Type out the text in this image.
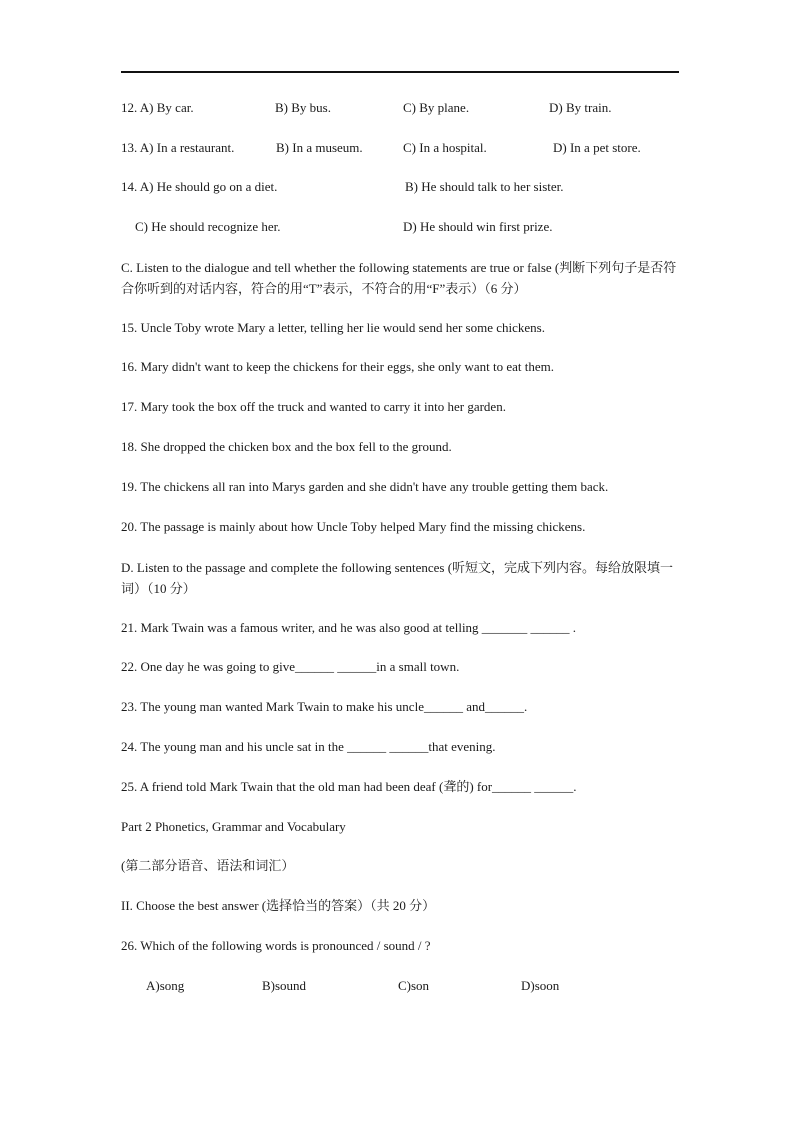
12. A) By car.	B) By bus.	C) By plane.	D) By train.
13. A) In a restaurant.	B) In a museum.	C) In a hospital.	D) In a pet store.
14. A) He should go on a diet.	B) He should talk to her sister.
C) He should recognize her.	D) He should win first prize.
C. Listen to the dialogue and tell whether the following statements are true or false (判断下列句子是否符合你听到的对话内容，符合的用“T”表示，不符合的用“F”表示）（6 分）
15. Uncle Toby wrote Mary a letter, telling her lie would send her some chickens.
16. Mary didn't want to keep the chickens for their eggs, she only want to eat them.
17. Mary took the box off the truck and wanted to carry it into her garden.
18. She dropped the chicken box and the box fell to the ground.
19. The chickens all ran into Marys garden and she didn't have any trouble getting them back.
20. The passage is mainly about how Uncle Toby helped Mary find the missing chickens.
D. Listen to the passage and complete the following sentences (听短文，完成下列内容。每给放限填一词）（10 分）
21. Mark Twain was a famous writer, and he was also good at telling _______ ______ .
22. One day he was going to give______ ______in a small town.
23. The young man wanted Mark Twain to make his uncle______ and______.
24. The young man and his uncle sat in the ______ ______that evening.
25. A friend told Mark Twain that the old man had been deaf (聋的) for______ ______.
Part 2 Phonetics, Grammar and Vocabulary
(第二部分语音、语法和词汇）
II. Choose the best answer (选择恰当的答案）（共 20 分）
26. Which of the following words is pronounced / sound / ?
A)song	B)sound	C)son	D)soon
